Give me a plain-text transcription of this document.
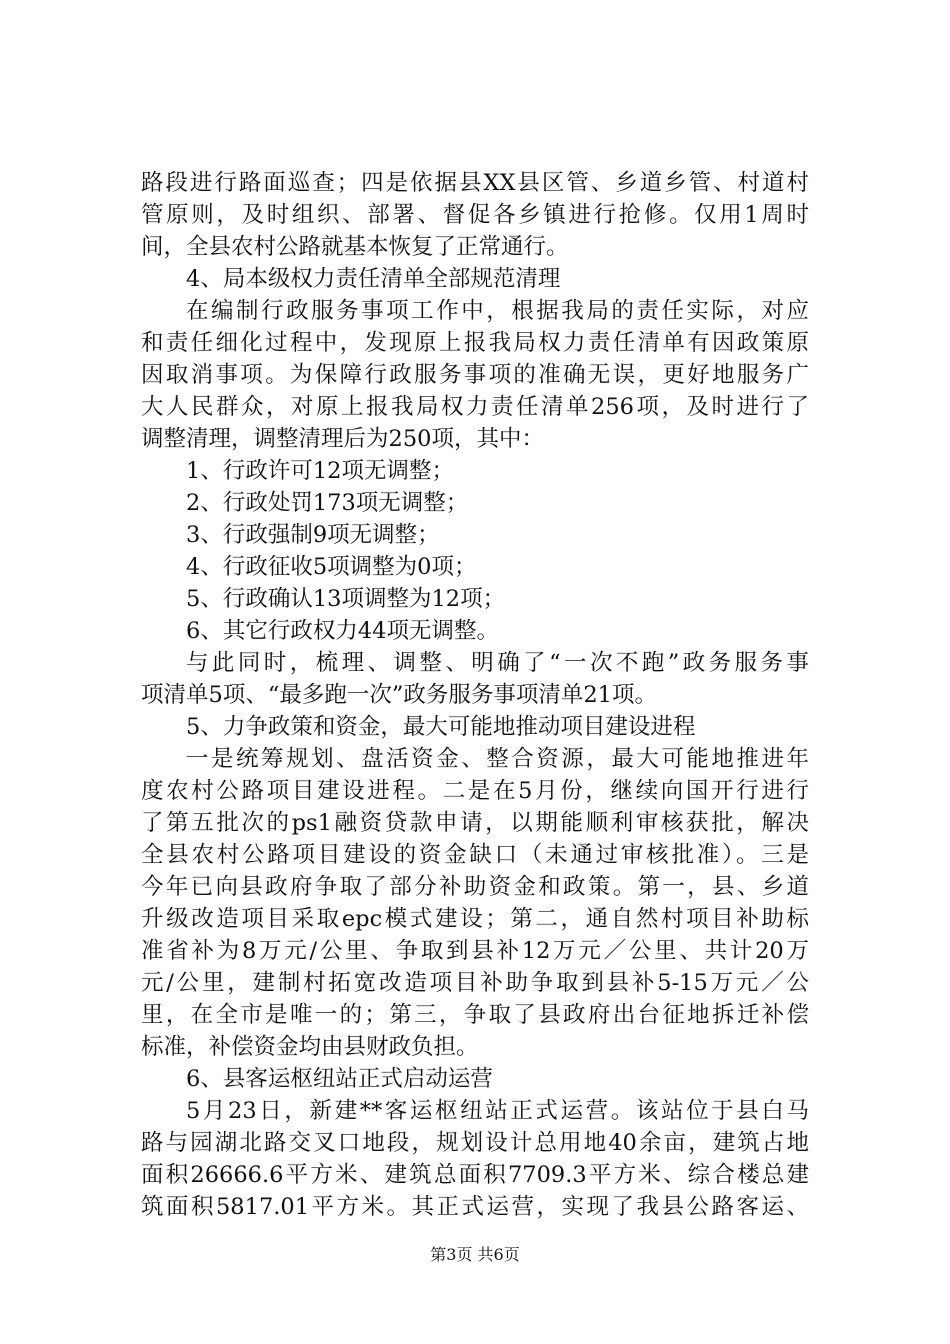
路段进行路面巡查；四是依据县XX县区管、乡道乡管、村道村
管原则，及时组织、部署、督促各乡镇进行抢修。仅用1周时
间，全县农村公路就基本恢复了正常通行。
4、局本级权力责任清单全部规范清理
在编制行政服务事项工作中，根据我局的责任实际，对应
和责任细化过程中，发现原上报我局权力责任清单有因政策原
因取消事项。为保障行政服务事项的准确无误，更好地服务广
大人民群众，对原上报我局权力责任清单256项，及时进行了
调整清理，调整清理后为250项，其中：
1、行政许可12项无调整；
2、行政处罚173项无调整；
3、行政强制9项无调整；
4、行政征收5项调整为0项；
5、行政确认13项调整为12项；
6、其它行政权力44项无调整。
与此同时，梳理、调整、明确了“一次不跑”政务服务事
项清单5项、“最多跑一次”政务服务事项清单21项。
5、力争政策和资金，最大可能地推动项目建设进程
一是统筹规划、盘活资金、整合资源，最大可能地推进年
度农村公路项目建设进程。二是在5月份，继续向国开行进行
了第五批次的ps1融资贷款申请，以期能顺利审核获批，解决
全县农村公路项目建设的资金缺口（未通过审核批准）。三是
今年已向县政府争取了部分补助资金和政策。第一，县、乡道
升级改造项目采取epc模式建设；第二，通自然村项目补助标
准省补为8万元/公里、争取到县补12万元／公里、共计20万
元/公里，建制村拓宽改造项目补助争取到县补5-15万元／公
里，在全市是唯一的；第三，争取了县政府出台征地拆迁补偿
标准，补偿资金均由县财政负担。
6、县客运枢纽站正式启动运营
5月23日，新建**客运枢纽站正式运营。该站位于县白马
路与园湖北路交叉口地段，规划设计总用地40余亩，建筑占地
面积26666.6平方米、建筑总面积7709.3平方米、综合楼总建
筑面积5817.01平方米。其正式运营，实现了我县公路客运、
第3页 共6页
